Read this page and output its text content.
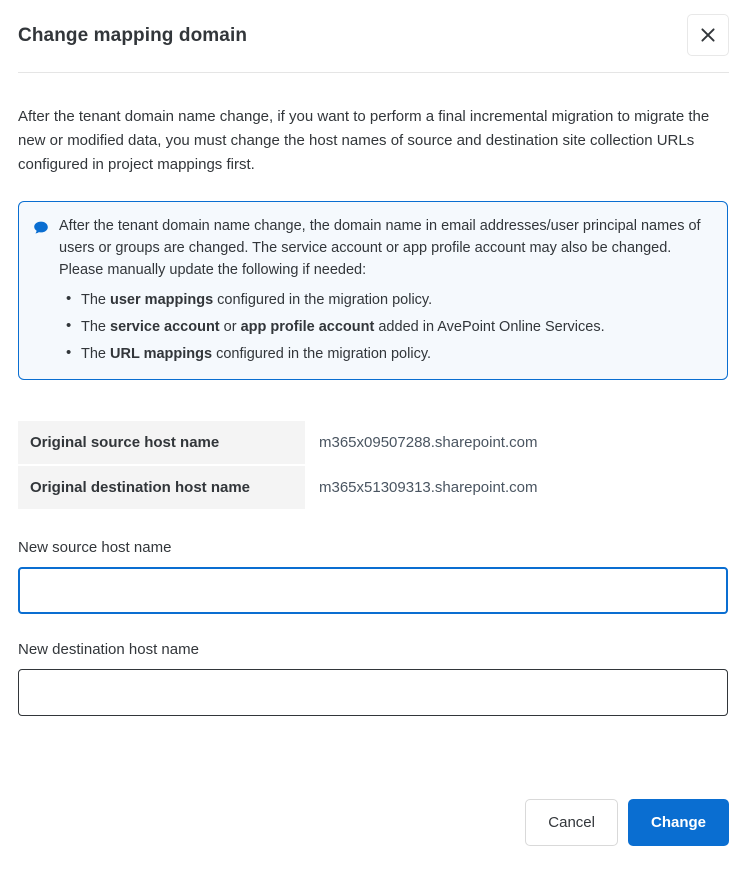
Change mapping domain

After the tenant domain name change, if you want to perform a final incremental migration to migrate the new or modified data, you must change the host names of source and destination site collection URLs configured in project mappings first.

After the tenant domain name change, the domain name in email addresses/user principal names of users or groups are changed. The service account or app profile account may also be changed. Please manually update the following if needed:

• The user mappings configured in the migration policy.
• The service account or app profile account added in AvePoint Online Services.
• The URL mappings configured in the migration policy.
Original source host name	m365x09507288.sharepoint.com
Original destination host name	m365x51309313.sharepoint.com
New source host name
New destination host name
Cancel	Change
